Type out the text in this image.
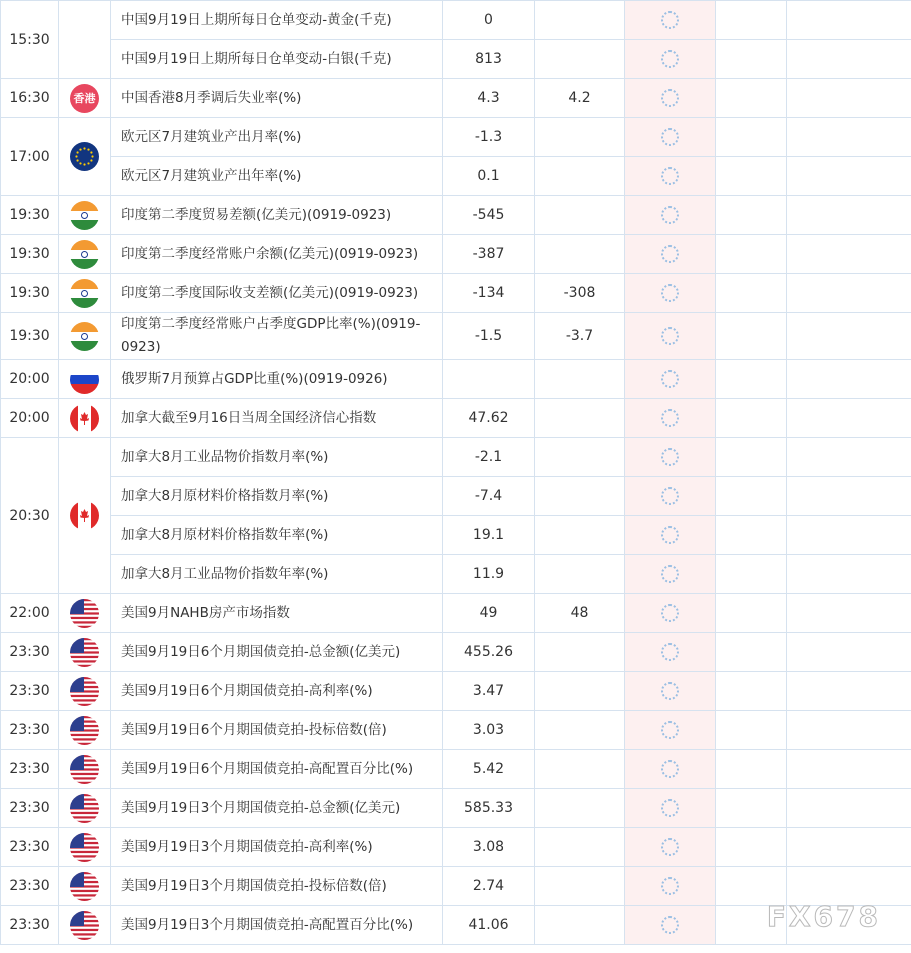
15:30		中国9月19日上期所每日仓单变动-黄金(千克)	0				
		中国9月19日上期所每日仓单变动-白银(千克)	813				
16:30	香港	中国香港8月季调后失业率(%)	4.3	4.2			
17:00		欧元区7月建筑业产出月率(%)	-1.3				
		欧元区7月建筑业产出年率(%)	0.1				
19:30		印度第二季度贸易差额(亿美元)(0919-0923)	-545				
19:30		印度第二季度经常账户余额(亿美元)(0919-0923)	-387				
19:30		印度第二季度国际收支差额(亿美元)(0919-0923)	-134	-308			
19:30		印度第二季度经常账户占季度GDP比率(%)(0919-0923)	-1.5	-3.7			
20:00		俄罗斯7月预算占GDP比重(%)(0919-0926)					
20:00		加拿大截至9月16日当周全国经济信心指数	47.62				
20:30		加拿大8月工业品物价指数月率(%)	-2.1				
		加拿大8月原材料价格指数月率(%)	-7.4				
		加拿大8月原材料价格指数年率(%)	19.1				
		加拿大8月工业品物价指数年率(%)	11.9				
22:00		美国9月NAHB房产市场指数	49	48			
23:30		美国9月19日6个月期国债竞拍-总金额(亿美元)	455.26				
23:30		美国9月19日6个月期国债竞拍-高利率(%)	3.47				
23:30		美国9月19日6个月期国债竞拍-投标倍数(倍)	3.03				
23:30		美国9月19日6个月期国债竞拍-高配置百分比(%)	5.42				
23:30		美国9月19日3个月期国债竞拍-总金额(亿美元)	585.33				
23:30		美国9月19日3个月期国债竞拍-高利率(%)	3.08				
23:30		美国9月19日3个月期国债竞拍-投标倍数(倍)	2.74				
23:30		美国9月19日3个月期国债竞拍-高配置百分比(%)	41.06					FX678
